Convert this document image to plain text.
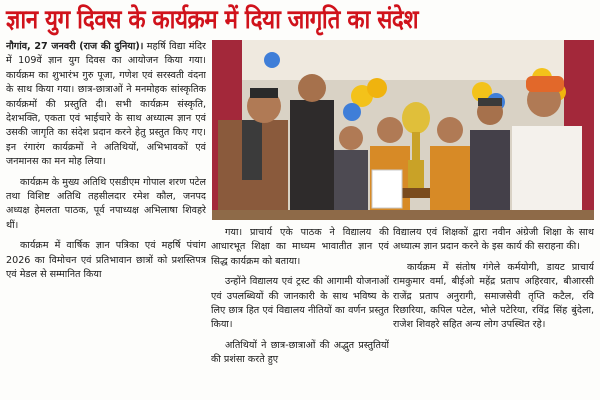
ज्ञान युग दिवस के कार्यक्रम में दिया जागृति का संदेश

नौगांव, 27 जनवरी (राज की दुनिया)। महर्षि विद्या मंदिर में 109वें ज्ञान युग दिवस का आयोजन किया गया। कार्यक्रम का शुभारंभ गुरु पूजा, गणेश एवं सरस्वती वंदना के साथ किया गया। छात्र-छात्राओं ने मनमोहक सांस्कृतिक कार्यक्रमों की प्रस्तुति दी। सभी कार्यक्रम संस्कृति, देशभक्ति, एकता एवं भाईचारे के साथ अध्यात्म ज्ञान एवं उसकी जागृति का संदेश प्रदान करने हेतु प्रस्तुत किए गए। इन रंगारंग कार्यक्रमों ने अतिथियों, अभिभावकों एवं जनमानस का मन मोह लिया।

कार्यक्रम के मुख्य अतिथि एसडीएम गोपाल शरण पटेल तथा विशिष्ट अतिथि तहसीलदार रमेश कौल, जनपद अध्यक्ष हेमलता पाठक, पूर्व नपाध्यक्ष अभिलाषा शिवहरे थीं।

कार्यक्रम में वार्षिक ज्ञान पत्रिका एवं महर्षि पंचांग 2026 का विमोचन एवं प्रतिभावान छात्रों को प्रशस्तिपत्र एवं मेडल से सम्मानित किया

गया। प्राचार्य एके पाठक ने विद्यालय की आधारभूत शिक्षा का माध्यम भावातीत ज्ञान एवं सिद्ध कार्यक्रम को बताया।

उन्होंने विद्यालय एवं ट्रस्ट की आगामी योजनाओं एवं उपलब्धियों की जानकारी के साथ भविष्य के लिए छात्र हित एवं विद्यालय नीतियों का वर्णन प्रस्तुत किया।

अतिथियों ने छात्र-छात्राओं की अद्भुत प्रस्तुतियों की प्रशंसा करते हुए

विद्यालय एवं शिक्षकों द्वारा नवीन अंग्रेजी शिक्षा के साथ अध्यात्म ज्ञान प्रदान करने के इस कार्य की सराहना की।

कार्यक्रम में संतोष गंगेले कर्मयोगी, डायट प्राचार्य रामकुमार वर्मा, बीईओ महेंद्र प्रताप अहिरवार, बीआरसी राजेंद्र प्रताप अनुरागी, समाजसेवी तृप्ति कटैल, रवि रिछारिया, कपिल पटेल, भोले पटेरिया, रविंद्र सिंह बुंदेला, राजेश शिवहरे सहित अन्य लोग उपस्थित रहे।
